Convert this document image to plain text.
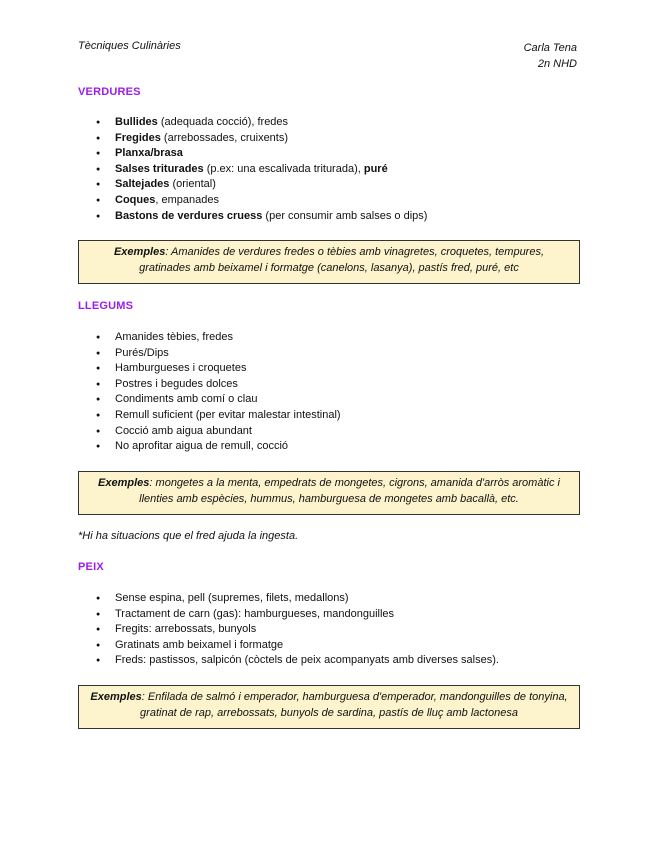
Tècniques Culinàries	Carla Tena
2n NHD
VERDURES
● Bullides (adequada cocció), fredes
● Fregides (arrebossades, cruixents)
● Planxa/brasa
● Salses triturades (p.ex: una escalivada triturada), puré
● Saltejades (oriental)
● Coques, empanades
● Bastons de verdures cruess (per consumir amb salses o dips)
Exemples: Amanides de verdures fredes o tèbies amb vinagretes, croquetes, tempures, gratinades amb beixamel i formatge (canelons, lasanya), pastís fred, puré, etc
LLEGUMS
● Amanides tèbies, fredes
● Purés/Dips
● Hamburgueses i croquetes
● Postres i begudes dolces
● Condiments amb comí o clau
● Remull suficient (per evitar malestar intestinal)
● Cocció amb aigua abundant
● No aprofitar aigua de remull, cocció
Exemples: mongetes a la menta, empedrats de mongetes, cigrons, amanida d'arròs aromàtic i llenties amb espècies, hummus, hamburguesa de mongetes amb bacallà, etc.
*Hi ha situacions que el fred ajuda la ingesta.
PEIX
● Sense espina, pell (supremes, filets, medallons)
● Tractament de carn (gas): hamburgueses, mandonguilles
● Fregits: arrebossats, bunyols
● Gratinats amb beixamel i formatge
● Freds: pastissos, salpicón (còctels de peix acompanyats amb diverses salses).
Exemples: Enfilada de salmó i emperador, hamburguesa d'emperador, mandonguilles de tonyina, gratinat de rap, arrebossats, bunyols de sardina, pastís de lluç amb lactonesa
